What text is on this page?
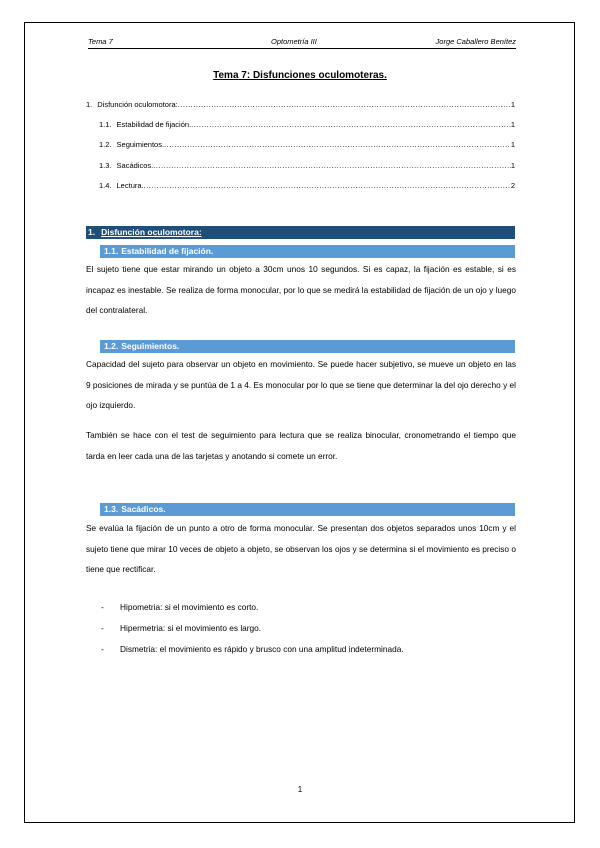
Tema 7	Optometría III	Jorge Caballero Benítez
Tema 7: Disfunciones oculomoteras.
1. Disfunción oculomotora: .....	1
1.1. Estabilidad de fijación. .....	1
1.2. Seguimientos. .....	1
1.3. Sacádicos. .....	1
1.4. Lectura. .....	2
1. Disfunción oculomotora:
1.1. Estabilidad de fijación.

El sujeto tiene que estar mirando un objeto a 30cm unos 10 segundos. Si es capaz, la fijación es estable, si es incapaz es inestable. Se realiza de forma monocular, por lo que se medirá la estabilidad de fijación de un ojo y luego del contralateral.

1.2. Seguimientos.

Capacidad del sujeto para observar un objeto en movimiento. Se puede hacer subjetivo, se mueve un objeto en las 9 posiciones de mirada y se puntúa de 1 a 4. Es monocular por lo que se tiene que determinar la del ojo derecho y el ojo izquierdo.

También se hace con el test de seguimiento para lectura que se realiza binocular, cronometrando el tiempo que tarda en leer cada una de las tarjetas y anotando si comete un error.

1.3. Sacádicos.

Se evalúa la fijación de un punto a otro de forma monocular. Se presentan dos objetos separados unos 10cm y el sujeto tiene que mirar 10 veces de objeto a objeto, se observan los ojos y se determina si el movimiento es preciso o tiene que rectificar.

-	Hipometria: si el movimiento es corto.
-	Hipermetria: si el movimiento es largo.
-	Dismetria: el movimiento es rápido y brusco con una amplitud indeterminada.
1
